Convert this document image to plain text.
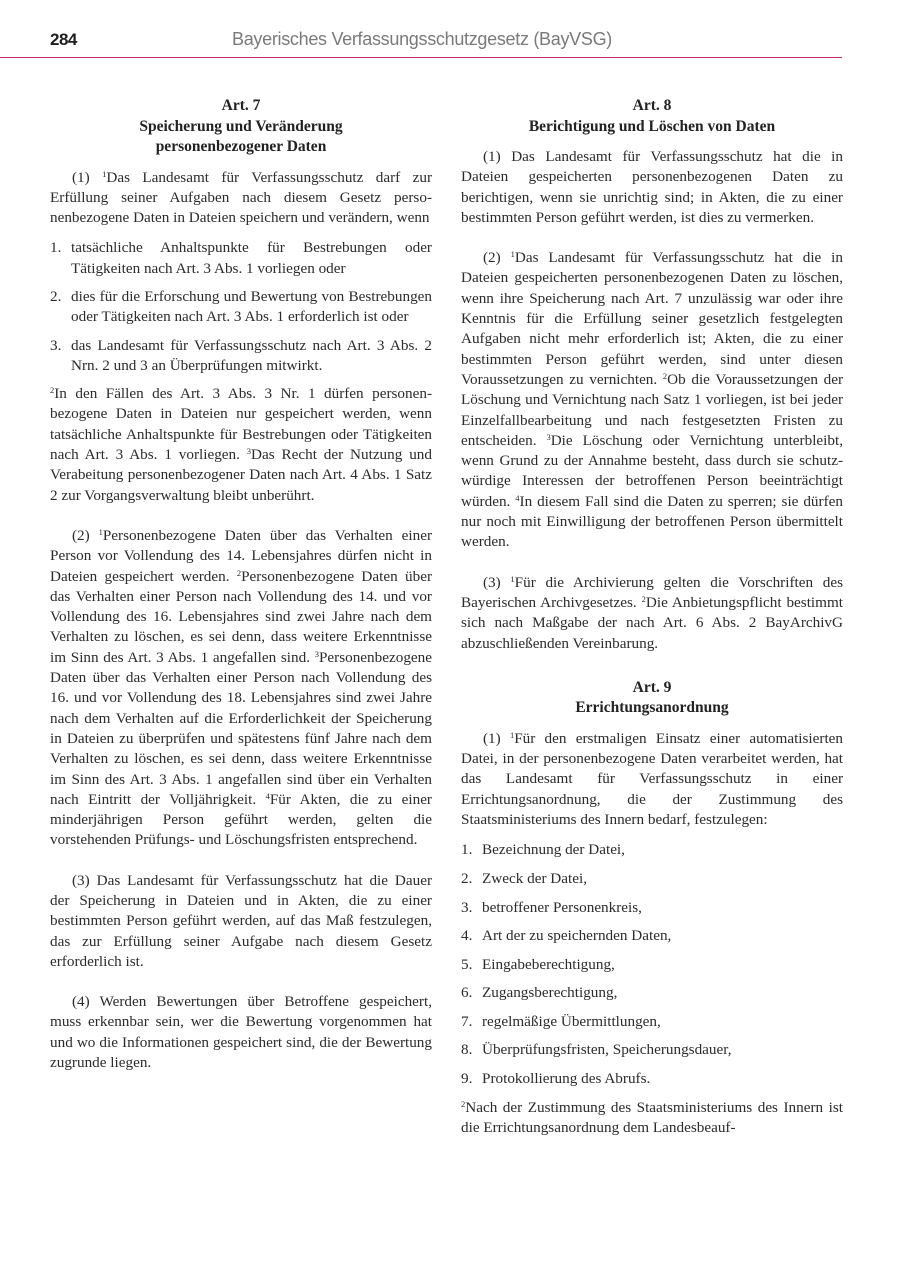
284	Bayerisches Verfassungsschutzgesetz (BayVSG)
Art. 7
Speicherung und Veränderung
personenbezogener Daten

(1) $^1$Das Landesamt für Verfassungsschutz darf zur Erfüllung seiner Aufgaben nach diesem Gesetz personenbezogene Daten in Dateien speichern und verändern, wenn

1. tatsächliche Anhaltspunkte für Bestrebungen oder Tätigkeiten nach Art. 3 Abs. 1 vorliegen oder
2. dies für die Erforschung und Bewertung von Bestrebungen oder Tätigkeiten nach Art. 3 Abs. 1 erforderlich ist oder
3. das Landesamt für Verfassungsschutz nach Art. 3 Abs. 2 Nrn. 2 und 3 an Überprüfungen mitwirkt.

$^2$In den Fällen des Art. 3 Abs. 3 Nr. 1 dürfen personenbezogene Daten in Dateien nur gespeichert werden, wenn tatsächliche Anhaltspunkte für Bestrebungen oder Tätigkeiten nach Art. 3 Abs. 1 vorliegen. $^3$Das Recht der Nutzung und Verabeitung personenbezogener Daten nach Art. 4 Abs. 1 Satz 2 zur Vorgangsverwaltung bleibt unberührt.

(2) $^1$Personenbezogene Daten über das Verhalten einer Person vor Vollendung des 14. Lebensjahres dürfen nicht in Dateien gespeichert werden. $^2$Personenbezogene Daten über das Verhalten einer Person nach Vollendung des 14. und vor Vollendung des 16. Lebensjahres sind zwei Jahre nach dem Verhalten zu löschen, es sei denn, dass weitere Erkenntnisse im Sinn des Art. 3 Abs. 1 angefallen sind. $^3$Personenbezogene Daten über das Verhalten einer Person nach Vollendung des 16. und vor Vollendung des 18. Lebensjahres sind zwei Jahre nach dem Verhalten auf die Erforderlichkeit der Speicherung in Dateien zu überprüfen und spätestens fünf Jahre nach dem Verhalten zu löschen, es sei denn, dass weitere Erkenntnisse im Sinn des Art. 3 Abs. 1 angefallen sind über ein Verhalten nach Eintritt der Volljährigkeit. $^4$Für Akten, die zu einer minderjährigen Person geführt werden, gelten die vorstehenden Prüfungs- und Löschungsfristen entsprechend.

(3) Das Landesamt für Verfassungsschutz hat die Dauer der Speicherung in Dateien und in Akten, die zu einer bestimmten Person geführt werden, auf das Maß festzulegen, das zur Erfüllung seiner Aufgabe nach diesem Gesetz erforderlich ist.

(4) Werden Bewertungen über Betroffene gespeichert, muss erkennbar sein, wer die Bewertung vorgenommen hat und wo die Informationen gespeichert sind, die der Bewertung zugrunde liegen.

Art. 8
Berichtigung und Löschen von Daten

(1) Das Landesamt für Verfassungsschutz hat die in Dateien gespeicherten personenbezogenen Daten zu berichtigen, wenn sie unrichtig sind; in Akten, die zu einer bestimmten Person geführt werden, ist dies zu vermerken.

(2) $^1$Das Landesamt für Verfassungsschutz hat die in Dateien gespeicherten personenbezogenen Daten zu löschen, wenn ihre Speicherung nach Art. 7 unzulässig war oder ihre Kenntnis für die Erfüllung seiner gesetzlich festgelegten Aufgaben nicht mehr erforderlich ist; Akten, die zu einer bestimmten Person geführt werden, sind unter diesen Voraussetzungen zu vernichten. $^2$Ob die Voraussetzungen der Löschung und Vernichtung nach Satz 1 vorliegen, ist bei jeder Einzelfallbearbeitung und nach festgesetzten Fristen zu entscheiden. $^3$Die Löschung oder Vernichtung unterbleibt, wenn Grund zu der Annahme besteht, dass durch sie schutzwürdige Interessen der betroffenen Person beeinträchtigt würden. $^4$In diesem Fall sind die Daten zu sperren; sie dürfen nur noch mit Einwilligung der betroffenen Person übermittelt werden.

(3) $^1$Für die Archivierung gelten die Vorschriften des Bayerischen Archivgesetzes. $^2$Die Anbietungspflicht bestimmt sich nach Maßgabe der nach Art. 6 Abs. 2 BayArchivG abzuschließenden Vereinbarung.

Art. 9
Errichtungsanordnung

(1) $^1$Für den erstmaligen Einsatz einer automatisierten Datei, in der personenbezogene Daten verarbeitet werden, hat das Landesamt für Verfassungsschutz in einer Errichtungsanordnung, die der Zustimmung des Staatsministeriums des Innern bedarf, festzulegen:

1. Bezeichnung der Datei,
2. Zweck der Datei,
3. betroffener Personenkreis,
4. Art der zu speichernden Daten,
5. Eingabeberechtigung,
6. Zugangsberechtigung,
7. regelmäßige Übermittlungen,
8. Überprüfungsfristen, Speicherungsdauer,
9. Protokollierung des Abrufs.

$^2$Nach der Zustimmung des Staatsministeriums des Innern ist die Errichtungsanordnung dem Landesbeauf-
